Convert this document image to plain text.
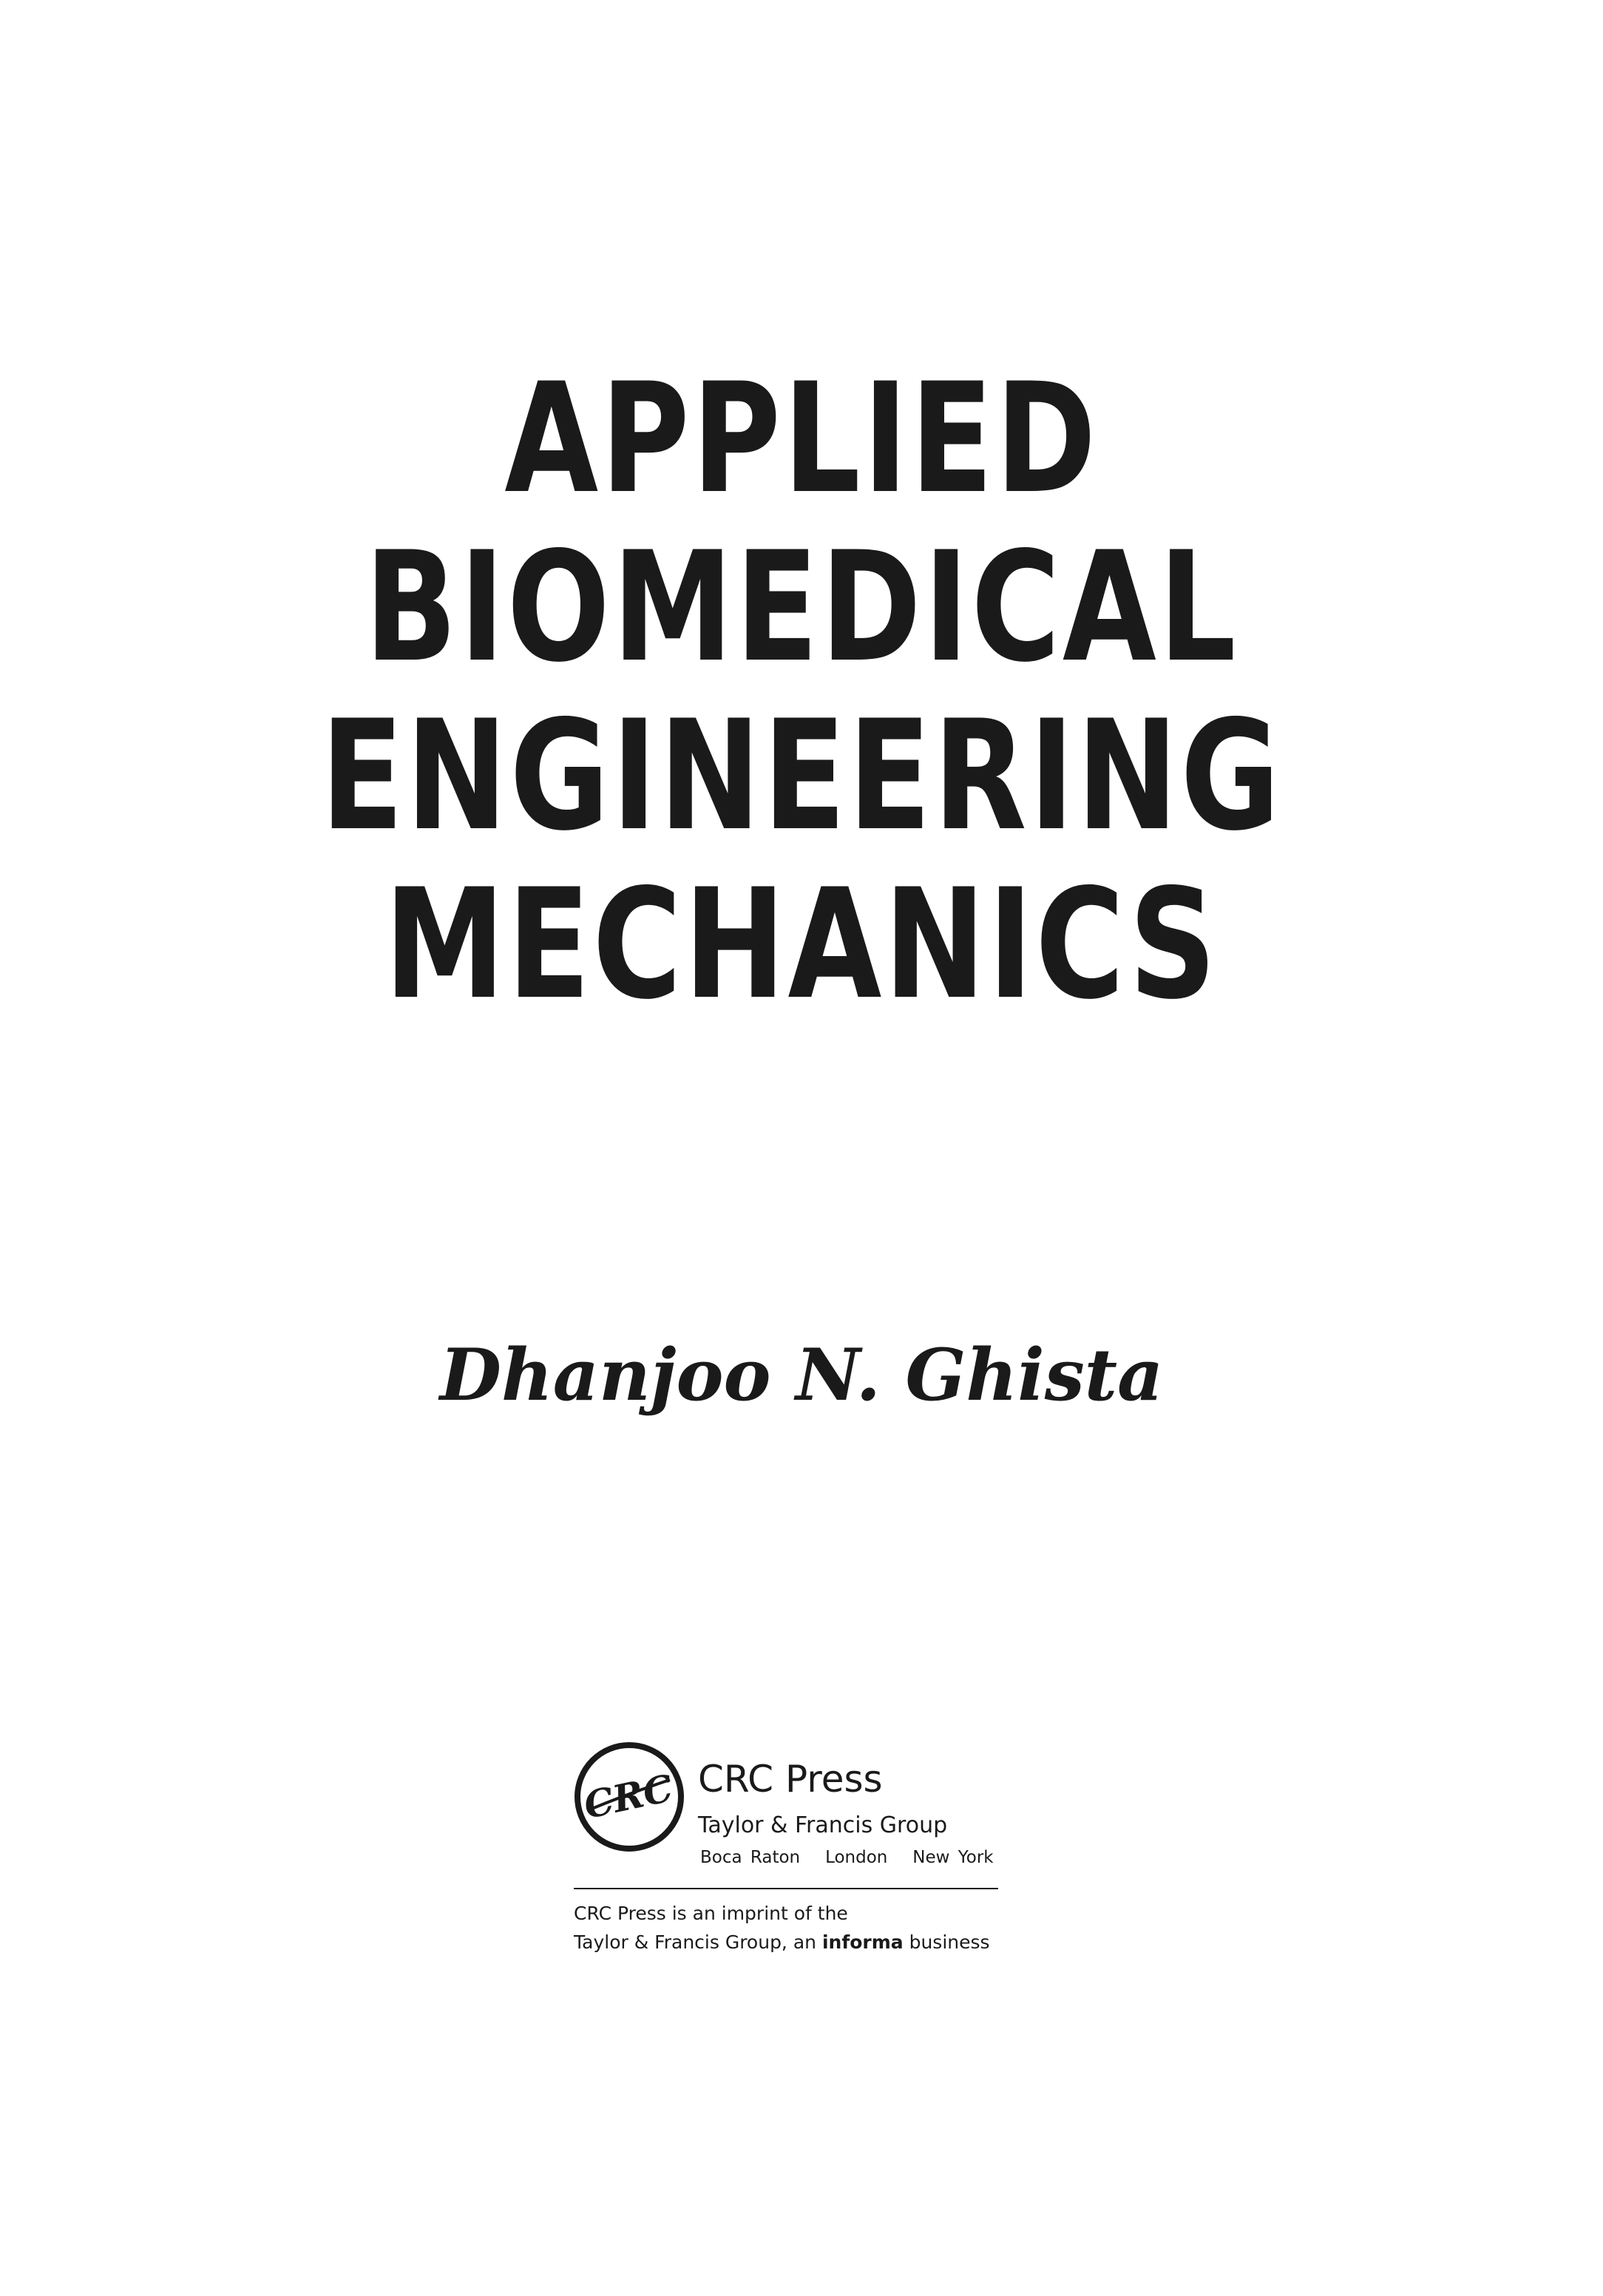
APPLIED
BIOMEDICAL
ENGINEERING
MECHANICS
Dhanjoo N. Ghista
CRC CRC Press
Taylor & Francis Group
Boca Raton   London   New York
CRC Press is an imprint of the
Taylor & Francis Group, an informa business
